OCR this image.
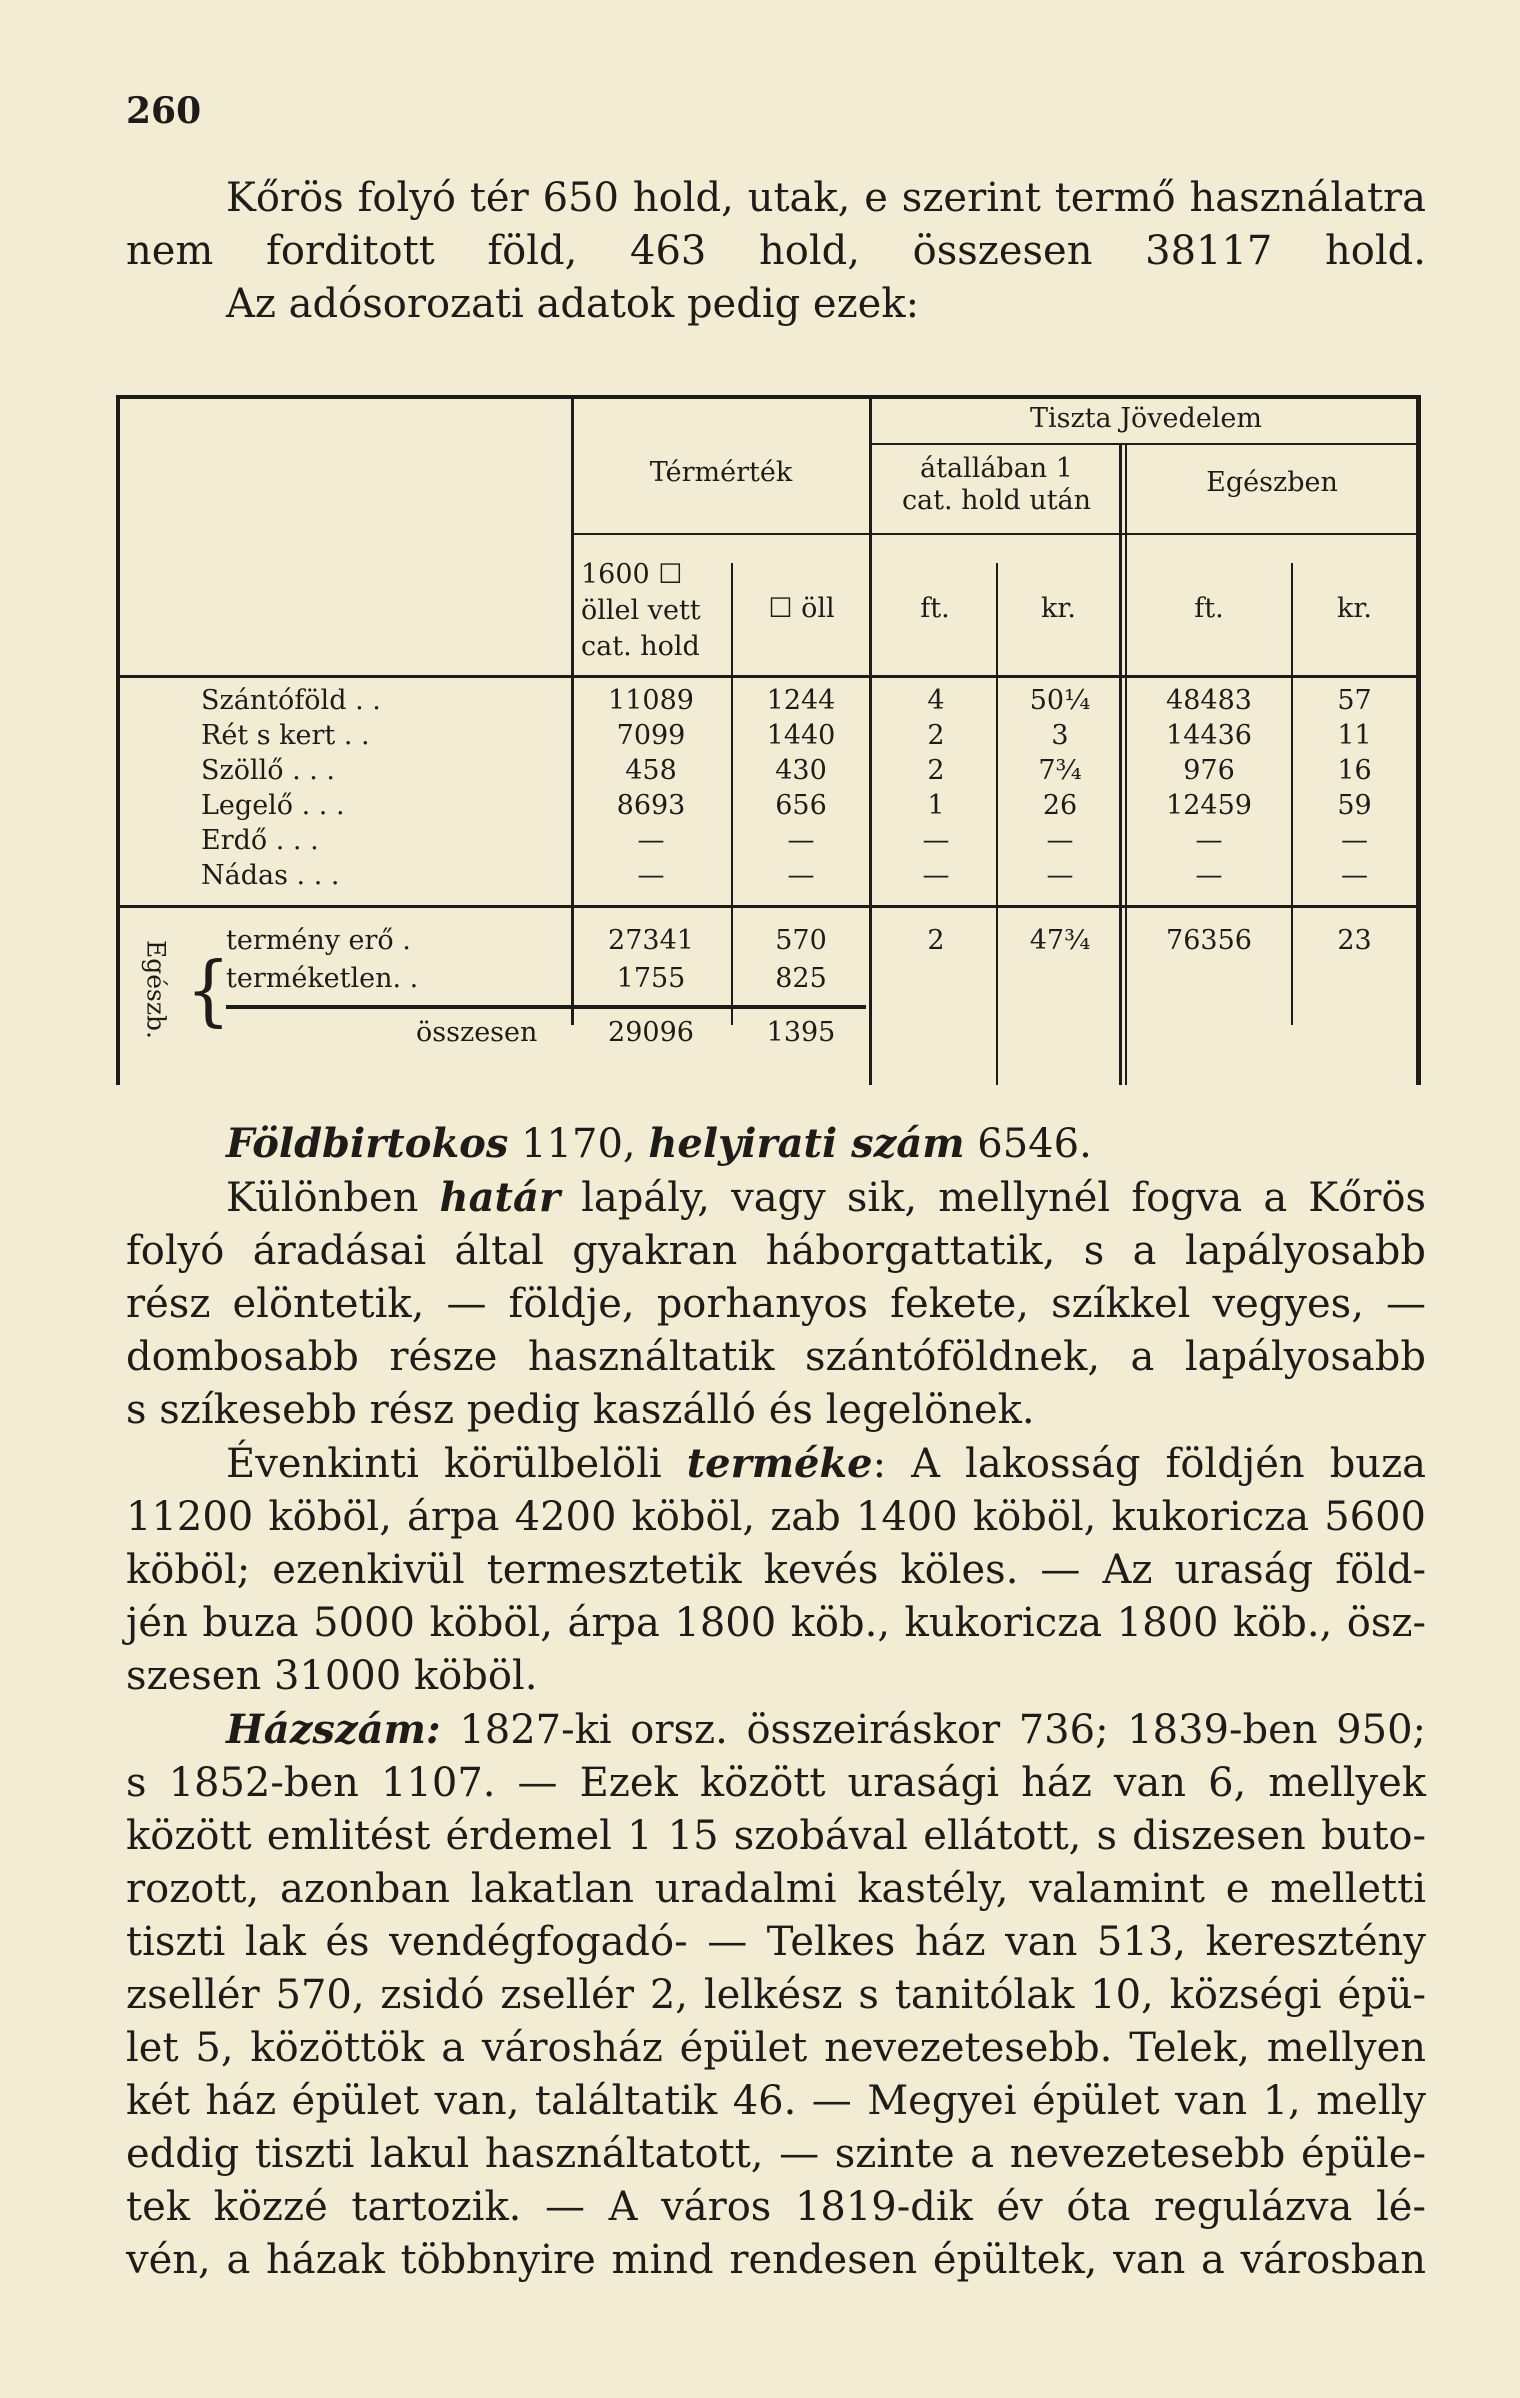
260
Kőrös folyó tér 650 hold, utak, e szerint termő használatra
nem forditott föld, 463 hold, összesen 38117 hold.
Az adósorozati adatok pedig ezek:
Térmérték
Tiszta Jövedelem
átallában 1
cat. hold után
Egészben
1600 ☐
öllel vett
cat. hold
☐ öll	ft.	kr.	ft.	kr.
Szántóföld . .	11089	1244	4	50¼	48483	57
Rét s kert . .	7099	1440	2	3	14436	11
Szöllő . . .	458	430	2	7¾	976	16
Legelő . . .	8693	656	1	26	12459	59
Erdő . . .	—	—	—	—	—	—
Nádas . . .	—	—	—	—	—	—
Egészb. {
termény erő .	27341	570	2	47¾	76356	23
terméketlen. .	1755	825
összesen	29096	1395
Földbirtokos 1170, helyirati szám 6546.
Különben határ lapály, vagy sik, mellynél fogva a Kőrös
folyó áradásai által gyakran háborgattatik, s a lapályosabb
rész elöntetik, — földje, porhanyos fekete, szíkkel vegyes, —
dombosabb része használtatik szántóföldnek, a lapályosabb
s szíkesebb rész pedig kaszálló és legelönek.
Évenkinti körülbelöli terméke: A lakosság földjén buza
11200 köböl, árpa 4200 köböl, zab 1400 köböl, kukoricza 5600
köböl; ezenkivül termesztetik kevés köles. — Az uraság föld-
jén buza 5000 köböl, árpa 1800 köb., kukoricza 1800 köb., ösz-
szesen 31000 köböl.
Házszám: 1827-ki orsz. összeiráskor 736; 1839-ben 950;
s 1852-ben 1107. — Ezek között urasági ház van 6, mellyek
között emlitést érdemel 1 15 szobával ellátott, s diszesen buto-
rozott, azonban lakatlan uradalmi kastély, valamint e melletti
tiszti lak és vendégfogadó- — Telkes ház van 513, keresztény
zsellér 570, zsidó zsellér 2, lelkész s tanitólak 10, községi épü-
let 5, közöttök a városház épület nevezetesebb. Telek, mellyen
két ház épület van, találtatik 46. — Megyei épület van 1, melly
eddig tiszti lakul használtatott, — szinte a nevezetesebb épüle-
tek közzé tartozik. — A város 1819-dik év óta regulázva lé-
vén, a házak többnyire mind rendesen épültek, van a városban
